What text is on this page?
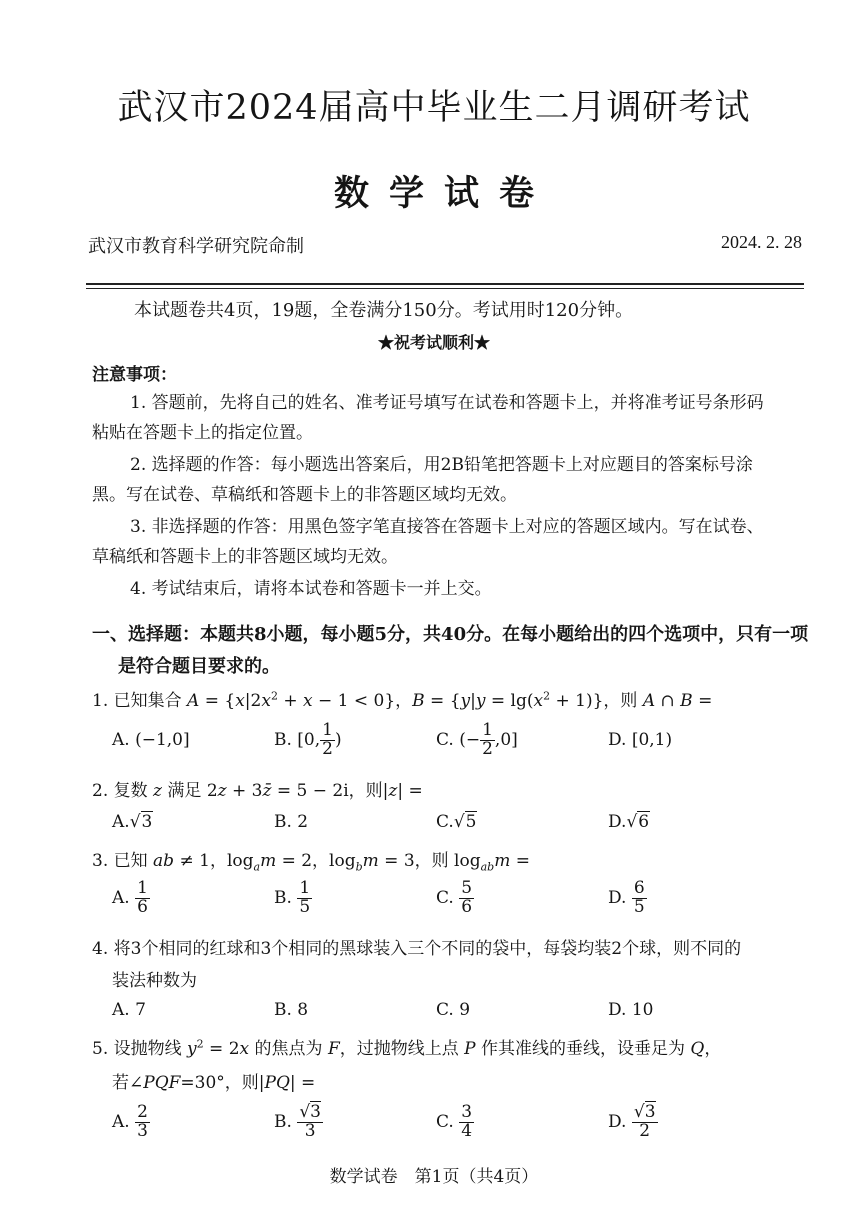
武汉市2024届高中毕业生二月调研考试
数学试卷
武汉市教育科学研究院命制	2024. 2. 28
本试题卷共4页，19题，全卷满分150分。考试用时120分钟。
★祝考试顺利★
注意事项：
1. 答题前，先将自己的姓名、准考证号填写在试卷和答题卡上，并将准考证号条形码
粘贴在答题卡上的指定位置。
2. 选择题的作答：每小题选出答案后，用2B铅笔把答题卡上对应题目的答案标号涂
黑。写在试卷、草稿纸和答题卡上的非答题区域均无效。
3. 非选择题的作答：用黑色签字笔直接答在答题卡上对应的答题区域内。写在试卷、
草稿纸和答题卡上的非答题区域均无效。
4. 考试结束后，请将本试卷和答题卡一并上交。
一、选择题：本题共8小题，每小题5分，共40分。在每小题给出的四个选项中，只有一项
是符合题目要求的。
1. 已知集合 $A = \{x|2x^2 + x - 1 < 0\}$，$B = \{y|y = \lg(x^2 + 1)\}$，则 A ∩ B =
A. (−1,0]	B. [0, $\frac{1}{2}$ )	C. (− $\frac{1}{2} ,0$]	D. [0,1)
2. 复数 z 满足 2z + 3z̄ = 5 − 2i，则|z| =
A.√3	B. 2	C.√5	D.√6
3. 已知 ab ≠ 1，$\log_am = 2$，$\log_bm = 3$，则 $\log_{ab}m$ =
A. $\frac{1}{6}$	B. $\frac{1}{5}$	C. $\frac{5}{6}$	D. $\frac{6}{5}$
4. 将3个相同的红球和3个相同的黑球装入三个不同的袋中，每袋均装2个球，则不同的
装法种数为
A. 7	B. 8	C. 9	D. 10
5. 设抛物线 $y^2 = 2x$ 的焦点为 F，过抛物线上点 P 作其准线的垂线，设垂足为 Q，
若∠PQF=30°，则|PQ| =
A. $\frac{2}{3}$	B. $\frac{√3}{3}$	C. $\frac{3}{4}$	D. $\frac{√3}{2}$
数学试卷　第1页（共4页）
